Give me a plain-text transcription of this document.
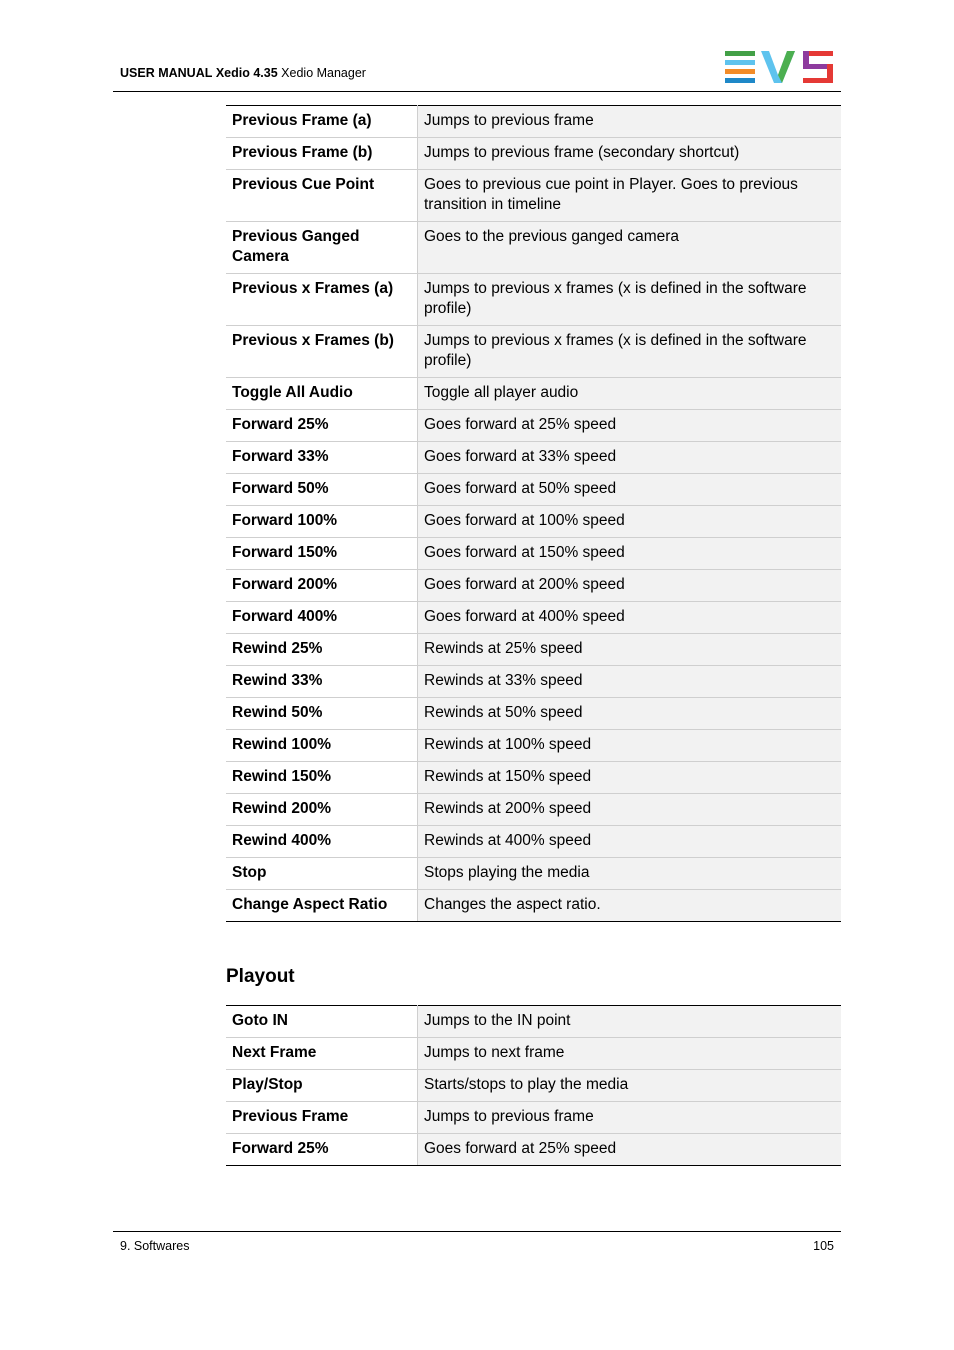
USER MANUAL Xedio 4.35 Xedio Manager
Previous Frame (a)	Jumps to previous frame
Previous Frame (b)	Jumps to previous frame (secondary shortcut)
Previous Cue Point	Goes to previous cue point in Player. Goes to previous transition in timeline
Previous Ganged Camera	Goes to the previous ganged camera
Previous x Frames (a)	Jumps to previous x frames (x is defined in the software profile)
Previous x Frames (b)	Jumps to previous x frames (x is defined in the software profile)
Toggle All Audio	Toggle all player audio
Forward 25%	Goes forward at 25% speed
Forward 33%	Goes forward at 33% speed
Forward 50%	Goes forward at 50% speed
Forward 100%	Goes forward at 100% speed
Forward 150%	Goes forward at 150% speed
Forward 200%	Goes forward at 200% speed
Forward 400%	Goes forward at 400% speed
Rewind 25%	Rewinds at 25% speed
Rewind 33%	Rewinds at 33% speed
Rewind 50%	Rewinds at 50% speed
Rewind 100%	Rewinds at 100% speed
Rewind 150%	Rewinds at 150% speed
Rewind 200%	Rewinds at 200% speed
Rewind 400%	Rewinds at 400% speed
Stop	Stops playing the media
Change Aspect Ratio	Changes the aspect ratio.
Playout
Goto IN	Jumps to the IN point
Next Frame	Jumps to next frame
Play/Stop	Starts/stops to play the media
Previous Frame	Jumps to previous frame
Forward 25%	Goes forward at 25% speed
9. Softwares	105
